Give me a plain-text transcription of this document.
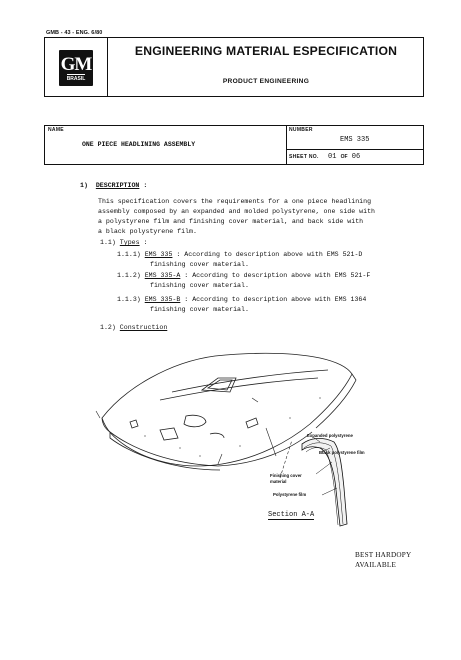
GMB - 43 - ENG. 6/80
GM
BRASIL
ENGINEERING MATERIAL ESPECIFICATION
PRODUCT ENGINEERING
NAME	NUMBER
SHEET NO.
ONE PIECE HEADLINING ASSEMBLY
EMS 335
01 OF 06
1) DESCRIPTION :
This specification covers the requirements for a one piece headlining
assembly composed by an expanded and molded polystyrene, one side with
a polystyrene film and finishing cover material, and back side with
a black polystyrene film.
1.1) Types :
1.1.1) EMS 335 : According to description above with EMS 521-D
finishing cover material.
1.1.2) EMS 335-A : According to description above with EMS 521-F
finishing cover material.
1.1.3) EMS 335-B : According to description above with EMS 1364
finishing cover material.
1.2) Construction
Expanded polystyrene
Black polystyrene film
Finishing cover
material
Polystyrene film
Section A-A
BEST HARDOPY
AVAILABLE
